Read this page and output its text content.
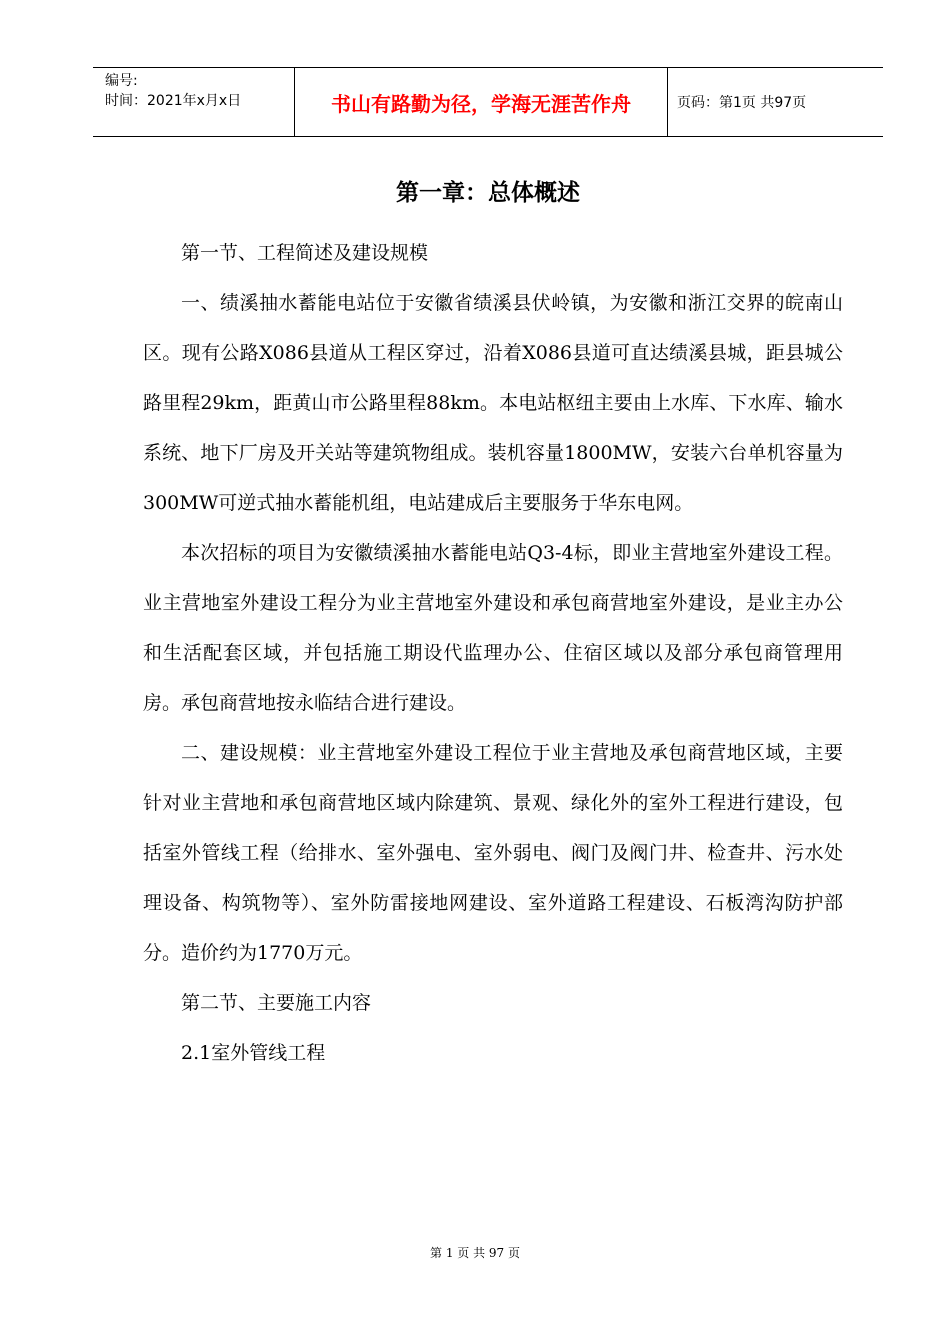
编号:
时间：2021年x月x日	书山有路勤为径，学海无涯苦作舟	页码：第1页 共97页
第一章：总体概述

第一节、工程简述及建设规模

一、绩溪抽水蓄能电站位于安徽省绩溪县伏岭镇，为安徽和浙江交界的皖南山区。现有公路X086县道从工程区穿过，沿着X086县道可直达绩溪县城，距县城公路里程29km，距黄山市公路里程88km。本电站枢纽主要由上水库、下水库、输水系统、地下厂房及开关站等建筑物组成。装机容量1800MW，安装六台单机容量为300MW可逆式抽水蓄能机组，电站建成后主要服务于华东电网。

本次招标的项目为安徽绩溪抽水蓄能电站Q3-4标，即业主营地室外建设工程。业主营地室外建设工程分为业主营地室外建设和承包商营地室外建设，是业主办公和生活配套区域，并包括施工期设代监理办公、住宿区域以及部分承包商管理用房。承包商营地按永临结合进行建设。

二、建设规模：业主营地室外建设工程位于业主营地及承包商营地区域，主要针对业主营地和承包商营地区域内除建筑、景观、绿化外的室外工程进行建设，包括室外管线工程（给排水、室外强电、室外弱电、阀门及阀门井、检查井、污水处理设备、构筑物等）、室外防雷接地网建设、室外道路工程建设、石板湾沟防护部分。造价约为1770万元。

第二节、主要施工内容

2.1室外管线工程

第 1 页 共 97 页
